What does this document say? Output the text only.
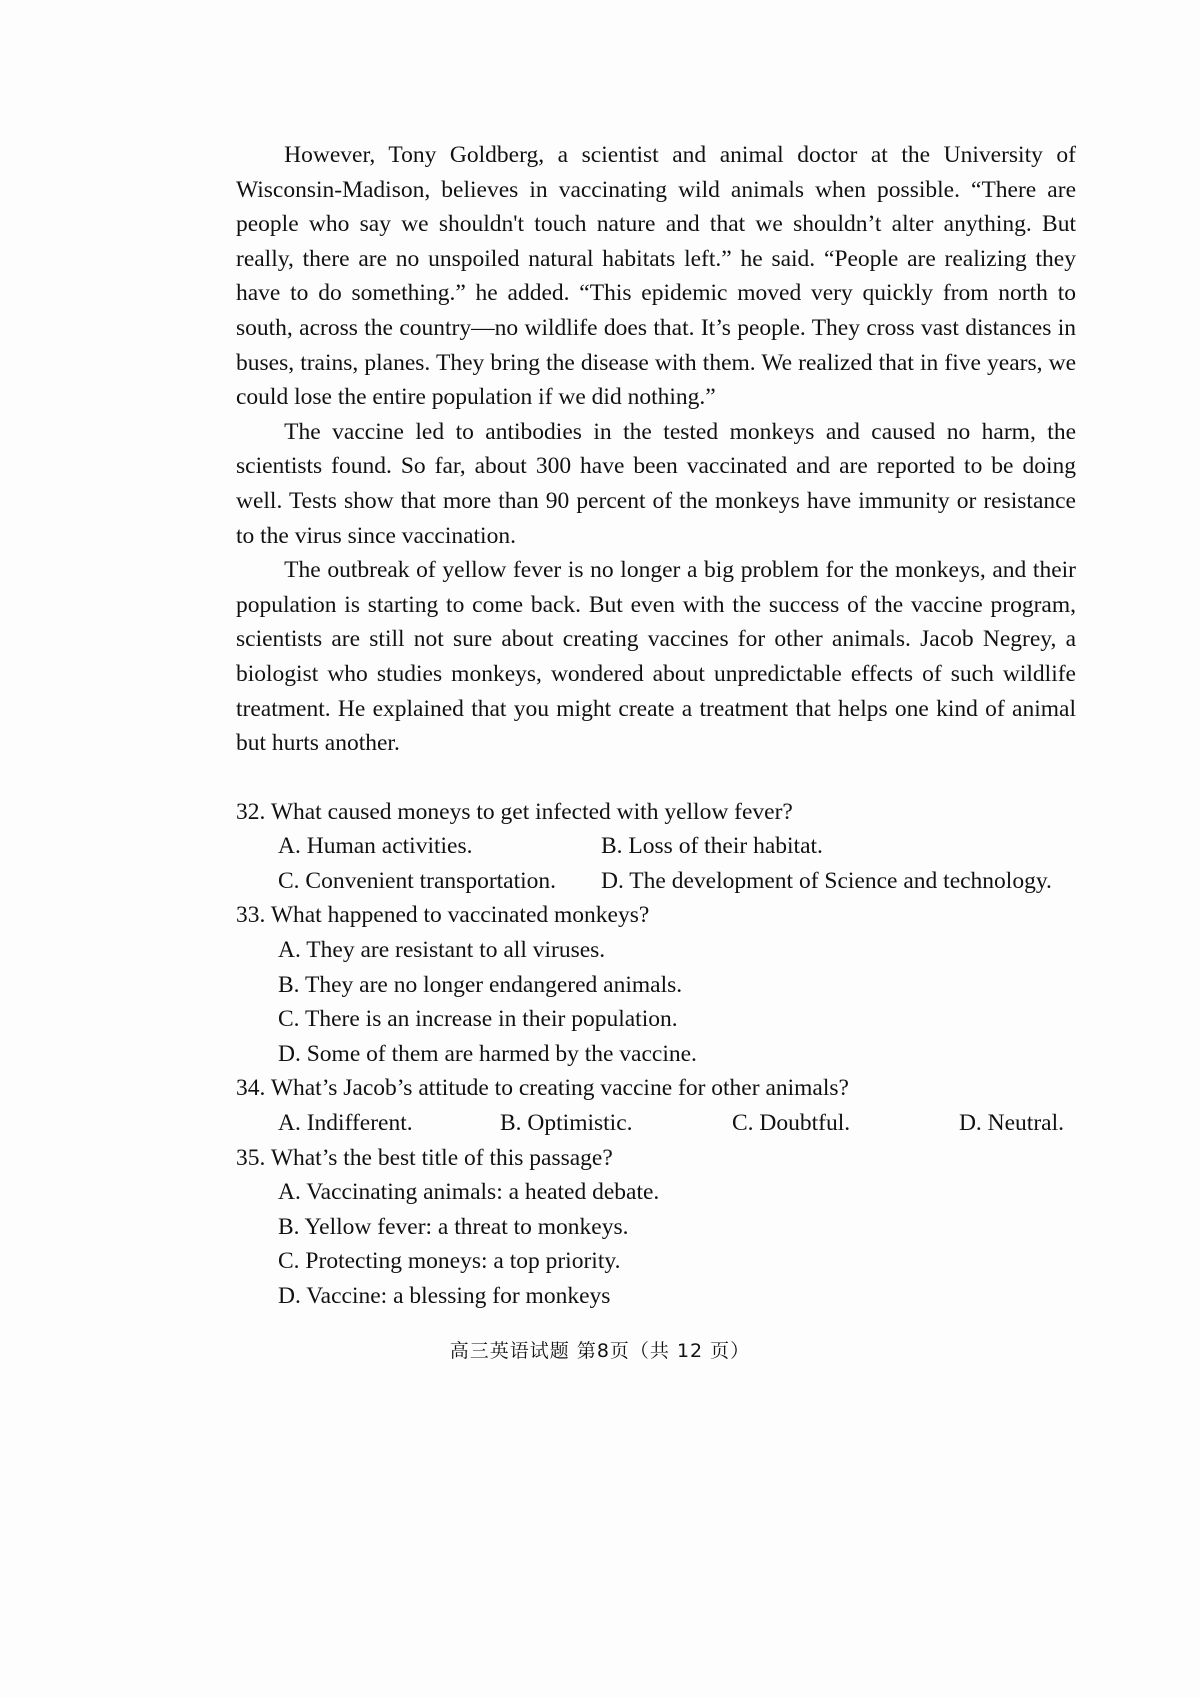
However, Tony Goldberg, a scientist and animal doctor at the University of Wisconsin-Madison, believes in vaccinating wild animals when possible. “There are people who say we shouldn't touch nature and that we shouldn’t alter anything. But really, there are no unspoiled natural habitats left.” he said. “People are realizing they have to do something.” he added. “This epidemic moved very quickly from north to south, across the country—no wildlife does that. It’s people. They cross vast distances in buses, trains, planes. They bring the disease with them. We realized that in five years, we could lose the entire population if we did nothing.”

The vaccine led to antibodies in the tested monkeys and caused no harm, the scientists found. So far, about 300 have been vaccinated and are reported to be doing well. Tests show that more than 90 percent of the monkeys have immunity or resistance to the virus since vaccination.

The outbreak of yellow fever is no longer a big problem for the monkeys, and their population is starting to come back. But even with the success of the vaccine program, scientists are still not sure about creating vaccines for other animals. Jacob Negrey, a biologist who studies monkeys, wondered about unpredictable effects of such wildlife treatment. He explained that you might create a treatment that helps one kind of animal but hurts another.

32. What caused moneys to get infected with yellow fever?

A. Human activities.	B. Loss of their habitat.
C. Convenient transportation.	D. The development of Science and technology.

33. What happened to vaccinated monkeys?

A. They are resistant to all viruses.
B. They are no longer endangered animals.
C. There is an increase in their population.
D. Some of them are harmed by the vaccine.

34. What’s Jacob’s attitude to creating vaccine for other animals?

A. Indifferent.	B. Optimistic.	C. Doubtful.	D. Neutral.

35. What’s the best title of this passage?

A. Vaccinating animals: a heated debate.
B. Yellow fever: a threat to monkeys.
C. Protecting moneys: a top priority.
D. Vaccine: a blessing for monkeys
高三英语试题 第8页（共 12 页）
